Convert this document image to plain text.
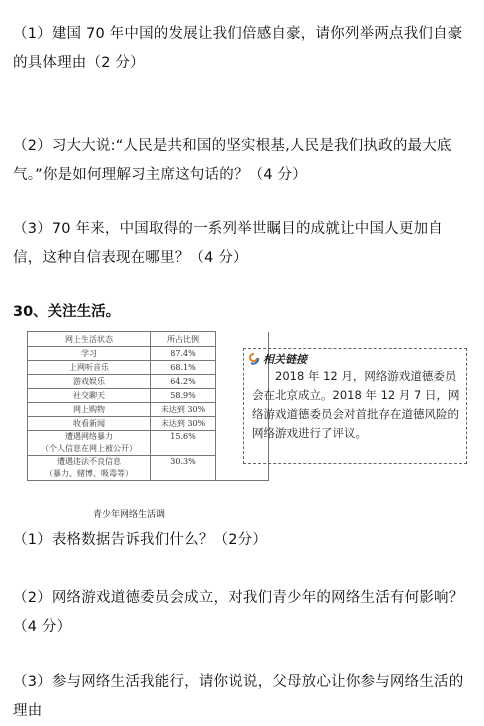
（1）建国 70 年中国的发展让我们倍感自豪，请你列举两点我们自豪的具体理由（2 分）
（2）习大大说:“人民是共和国的坚实根基,人民是我们执政的最大底气。”你是如何理解习主席这句话的？（4 分）
（3）70 年来，中国取得的一系列举世瞩目的成就让中国人更加自信，这种自信表现在哪里？（4 分）
30、关注生活。
网上生活状态	所占比例	
学习	87.4%	
上网听音乐	68.1%	
游戏娱乐	64.2%	
社交聊天	58.9%	
网上购物	未达到 30%	
收看新闻	未达到 30%	

遭遇网络暴力
（个人信息在网上被公开）	15.6%	

遭遇违法不良信息
（暴力、赌博、吸毒等）	30.3%	
青少年网络生活调
相关链接
2018 年 12 月，网络游戏道德委员会在北京成立。2018 年 12 月 7 日，网络游戏道德委员会对首批存在道德风险的网络游戏进行了评议。
（1）表格数据告诉我们什么？（2分）
（2）网络游戏道德委员会成立，对我们青少年的网络生活有何影响？（4 分）
（3）参与网络生活我能行，请你说说，父母放心让你参与网络生活的理由
